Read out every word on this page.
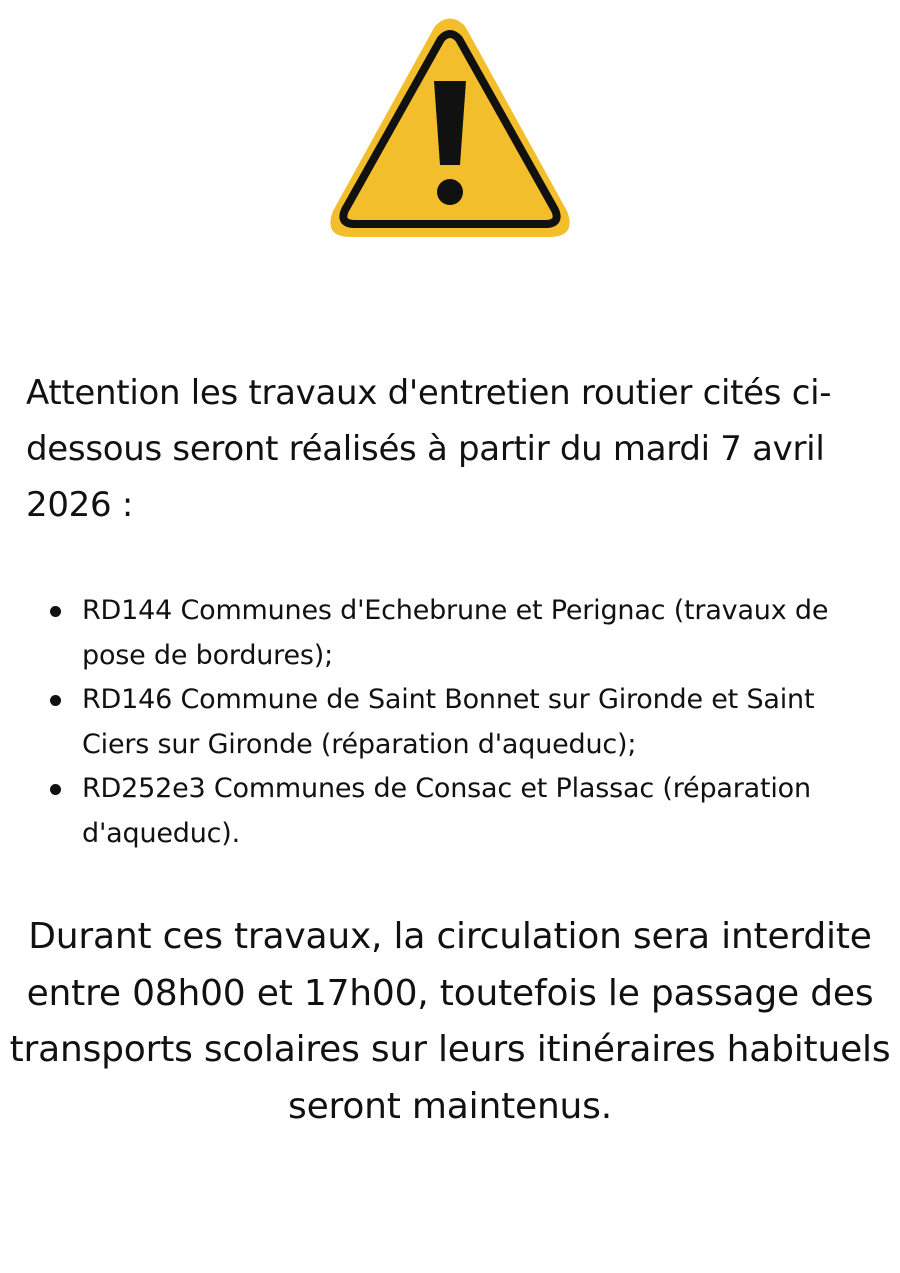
Attention les travaux d'entretien routier cités ci-dessous seront réalisés à partir du mardi 7 avril 2026 :

RD144 Communes d'Echebrune et Perignac (travaux de pose de bordures);
RD146 Commune de Saint Bonnet sur Gironde et Saint Ciers sur Gironde (réparation d'aqueduc);
RD252e3 Communes de Consac et Plassac (réparation d'aqueduc).

Durant ces travaux, la circulation sera interdite entre 08h00 et 17h00, toutefois le passage des transports scolaires sur leurs itinéraires habituels seront maintenus.
